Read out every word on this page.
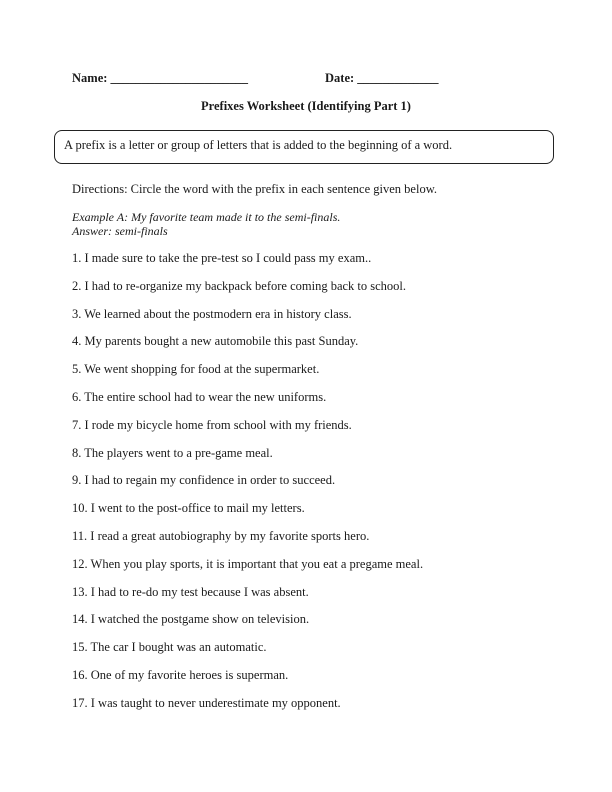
Name: ______________________	Date: _____________
Prefixes Worksheet (Identifying Part 1)
A prefix is a letter or group of letters that is added to the beginning of a word.
Directions: Circle the word with the prefix in each sentence given below.
Example A: My favorite team made it to the semi-finals.
Answer: semi-finals
1. I made sure to take the pre-test so I could pass my exam..
2. I had to re-organize my backpack before coming back to school.
3. We learned about the postmodern era in history class.
4. My parents bought a new automobile this past Sunday.
5. We went shopping for food at the supermarket.
6. The entire school had to wear the new uniforms.
7. I rode my bicycle home from school with my friends.
8. The players went to a pre-game meal.
9. I had to regain my confidence in order to succeed.
10. I went to the post-office to mail my letters.
11. I read a great autobiography by my favorite sports hero.
12. When you play sports, it is important that you eat a pregame meal.
13. I had to re-do my test because I was absent.
14. I watched the postgame show on television.
15. The car I bought was an automatic.
16. One of my favorite heroes is superman.
17. I was taught to never underestimate my opponent.
